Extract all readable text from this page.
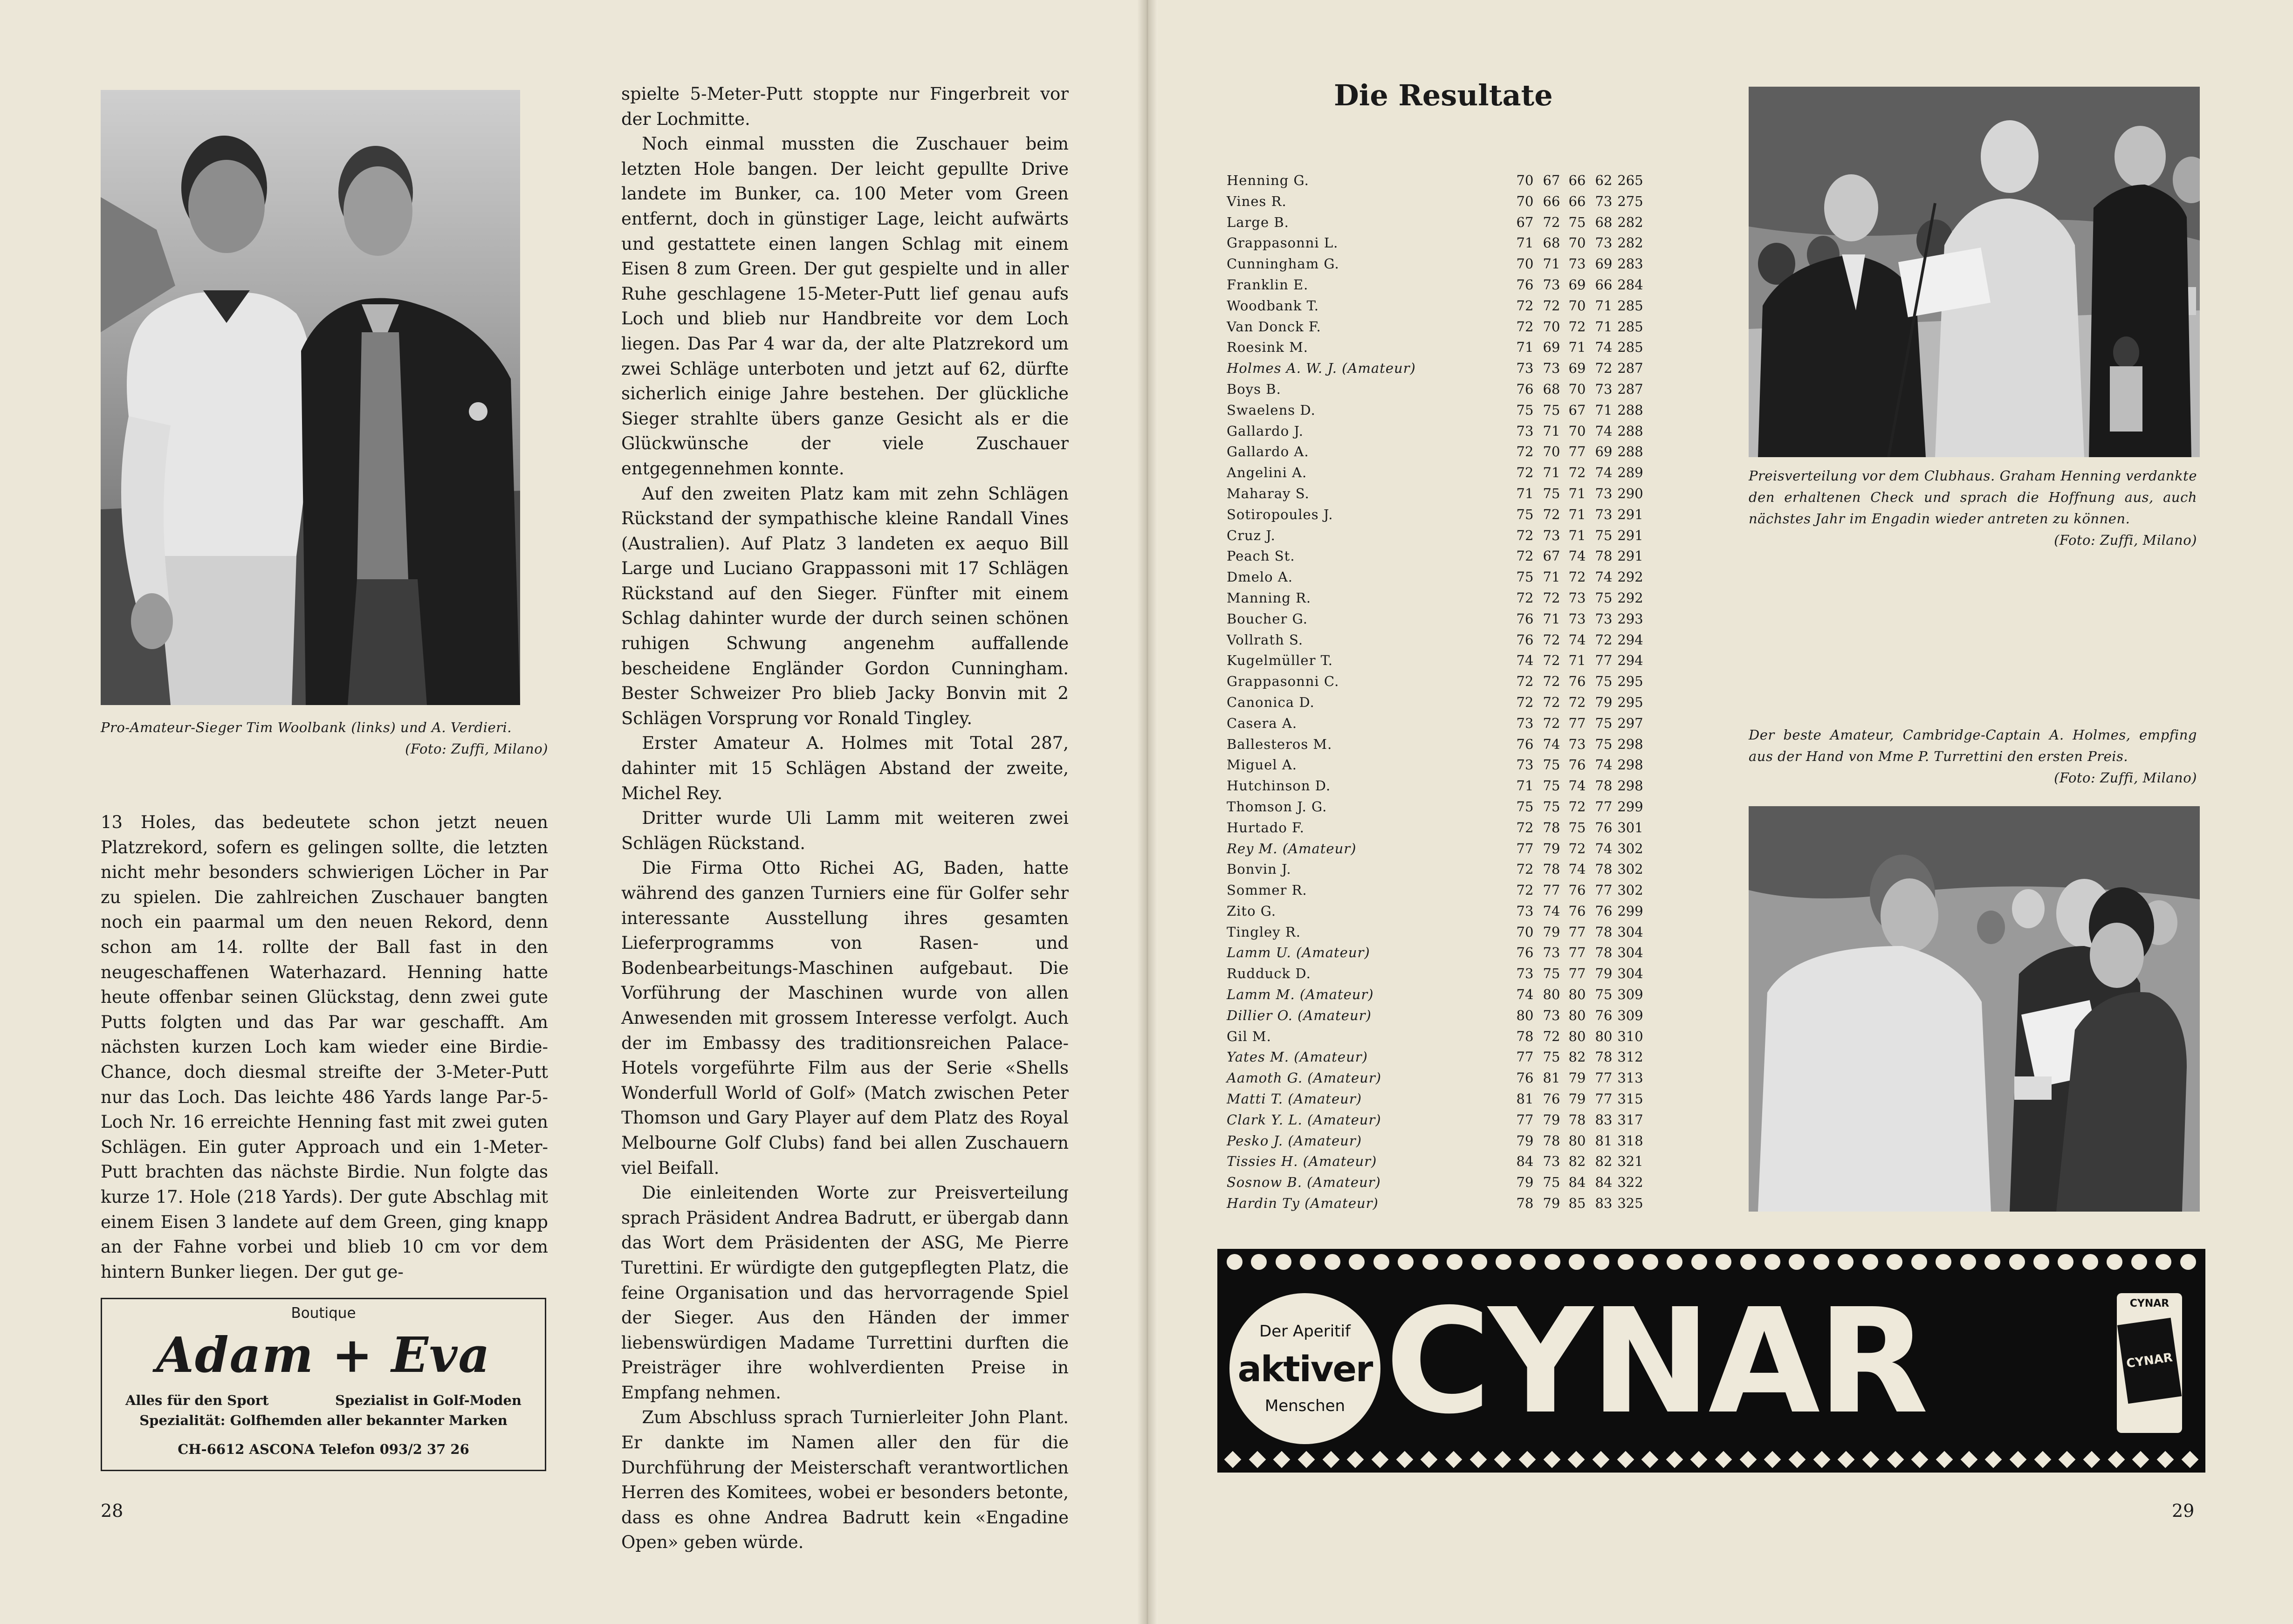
Pro-Amateur-Sieger Tim Woolbank (links) und A. Verdieri.
(Foto: Zuffi, Milano)

13 Holes, das bedeutete schon jetzt neuen Platzrekord, sofern es gelingen sollte, die letzten nicht mehr besonders schwierigen Löcher in Par zu spielen. Die zahlreichen Zuschauer bangten noch ein paarmal um den neuen Rekord, denn schon am 14. rollte der Ball fast in den neugeschaffenen Waterhazard. Henning hatte heute offenbar seinen Glückstag, denn zwei gute Putts folgten und das Par war geschafft. Am nächsten kurzen Loch kam wieder eine Birdie-Chance, doch diesmal streifte der 3-Meter-Putt nur das Loch. Das leichte 486 Yards lange Par-5-Loch Nr. 16 erreichte Henning fast mit zwei guten Schlägen. Ein guter Approach und ein 1-Meter-Putt brachten das nächste Birdie. Nun folgte das kurze 17. Hole (218 Yards). Der gute Abschlag mit einem Eisen 3 landete auf dem Green, ging knapp an der Fahne vorbei und blieb 10 cm vor dem hintern Bunker liegen. Der gut ge-

spielte 5-Meter-Putt stoppte nur Fingerbreit vor der Lochmitte.

Noch einmal mussten die Zuschauer beim letzten Hole bangen. Der leicht gepullte Drive landete im Bunker, ca. 100 Meter vom Green entfernt, doch in günstiger Lage, leicht aufwärts und gestattete einen langen Schlag mit einem Eisen 8 zum Green. Der gut gespielte und in aller Ruhe geschlagene 15-Meter-Putt lief genau aufs Loch und blieb nur Handbreite vor dem Loch liegen. Das Par 4 war da, der alte Platzrekord um zwei Schläge unterboten und jetzt auf 62, dürfte sicherlich einige Jahre bestehen. Der glückliche Sieger strahlte übers ganze Gesicht als er die Glückwünsche der viele Zuschauer entgegennehmen konnte.

Auf den zweiten Platz kam mit zehn Schlägen Rückstand der sympathische kleine Randall Vines (Australien). Auf Platz 3 landeten ex aequo Bill Large und Luciano Grappassoni mit 17 Schlägen Rückstand auf den Sieger. Fünfter mit einem Schlag dahinter wurde der durch seinen schönen ruhigen Schwung angenehm auffallende bescheidene Engländer Gordon Cunningham. Bester Schweizer Pro blieb Jacky Bonvin mit 2 Schlägen Vorsprung vor Ronald Tingley.

Erster Amateur A. Holmes mit Total 287, dahinter mit 15 Schlägen Abstand der zweite, Michel Rey.

Dritter wurde Uli Lamm mit weiteren zwei Schlägen Rückstand.

Die Firma Otto Richei AG, Baden, hatte während des ganzen Turniers eine für Golfer sehr interessante Ausstellung ihres gesamten Lieferprogramms von Rasen- und Bodenbearbeitungs-Maschinen aufgebaut. Die Vorführung der Maschinen wurde von allen Anwesenden mit grossem Interesse verfolgt. Auch der im Embassy des traditionsreichen Palace-Hotels vorgeführte Film aus der Serie «Shells Wonderfull World of Golf» (Match zwischen Peter Thomson und Gary Player auf dem Platz des Royal Melbourne Golf Clubs) fand bei allen Zuschauern viel Beifall.

Die einleitenden Worte zur Preisverteilung sprach Präsident Andrea Badrutt, er übergab dann das Wort dem Präsidenten der ASG, Me Pierre Turettini. Er würdigte den gutgepflegten Platz, die feine Organisation und das hervorragende Spiel der Sieger. Aus den Händen der immer liebenswürdigen Madame Turrettini durften die Preisträger ihre wohlverdienten Preise in Empfang nehmen.

Zum Abschluss sprach Turnierleiter John Plant. Er dankte im Namen aller den für die Durchführung der Meisterschaft verantwortlichen Herren des Komitees, wobei er besonders betonte, dass es ohne Andrea Badrutt kein «Engadine Open» geben würde.

Boutique
Adam + Eva
Alles für den Sport	Spezialist in Golf-Moden
Spezialität: Golfhemden aller bekannter Marken
CH-6612 ASCONA Telefon 093/2 37 26
28
Die Resultate
Henning G.	70 67 66 62 265
Vines R.	70 66 66 73 275
Large B.	67 72 75 68 282
Grappasonni L.	71 68 70 73 282
Cunningham G.	70 71 73 69 283
Franklin E.	76 73 69 66 284
Woodbank T.	72 72 70 71 285
Van Donck F.	72 70 72 71 285
Roesink M.	71 69 71 74 285
Holmes A. W. J. (Amateur)	73 73 69 72 287
Boys B.	76 68 70 73 287
Swaelens D.	75 75 67 71 288
Gallardo J.	73 71 70 74 288
Gallardo A.	72 70 77 69 288
Angelini A.	72 71 72 74 289
Maharay S.	71 75 71 73 290
Sotiropoules J.	75 72 71 73 291
Cruz J.	72 73 71 75 291
Peach St.	72 67 74 78 291
Dmelo A.	75 71 72 74 292
Manning R.	72 72 73 75 292
Boucher G.	76 71 73 73 293
Vollrath S.	76 72 74 72 294
Kugelmüller T.	74 72 71 77 294
Grappasonni C.	72 72 76 75 295
Canonica D.	72 72 72 79 295
Casera A.	73 72 77 75 297
Ballesteros M.	76 74 73 75 298
Miguel A.	73 75 76 74 298
Hutchinson D.	71 75 74 78 298
Thomson J. G.	75 75 72 77 299
Hurtado F.	72 78 75 76 301
Rey M. (Amateur)	77 79 72 74 302
Bonvin J.	72 78 74 78 302
Sommer R.	72 77 76 77 302
Zito G.	73 74 76 76 299
Tingley R.	70 79 77 78 304
Lamm U. (Amateur)	76 73 77 78 304
Rudduck D.	73 75 77 79 304
Lamm M. (Amateur)	74 80 80 75 309
Dillier O. (Amateur)	80 73 80 76 309
Gil M.	78 72 80 80 310
Yates M. (Amateur)	77 75 82 78 312
Aamoth G. (Amateur)	76 81 79 77 313
Matti T. (Amateur)	81 76 79 77 315
Clark Y. L. (Amateur)	77 79 78 83 317
Pesko J. (Amateur)	79 78 80 81 318
Tissies H. (Amateur)	84 73 82 82 321
Sosnow B. (Amateur)	79 75 84 84 322
Hardin Ty (Amateur)	78 79 85 83 325
Preisverteilung vor dem Clubhaus. Graham Henning verdankte den erhaltenen Check und sprach die Hoffnung aus, auch nächstes Jahr im Engadin wieder antreten zu können.
(Foto: Zuffi, Milano)
Der beste Amateur, Cambridge-Captain A. Holmes, empfing aus der Hand von Mme P. Turrettini den ersten Preis.
(Foto: Zuffi, Milano)
Der Aperitif
aktiver
Menschen CYNAR	CYNAR
CYNAR
29
